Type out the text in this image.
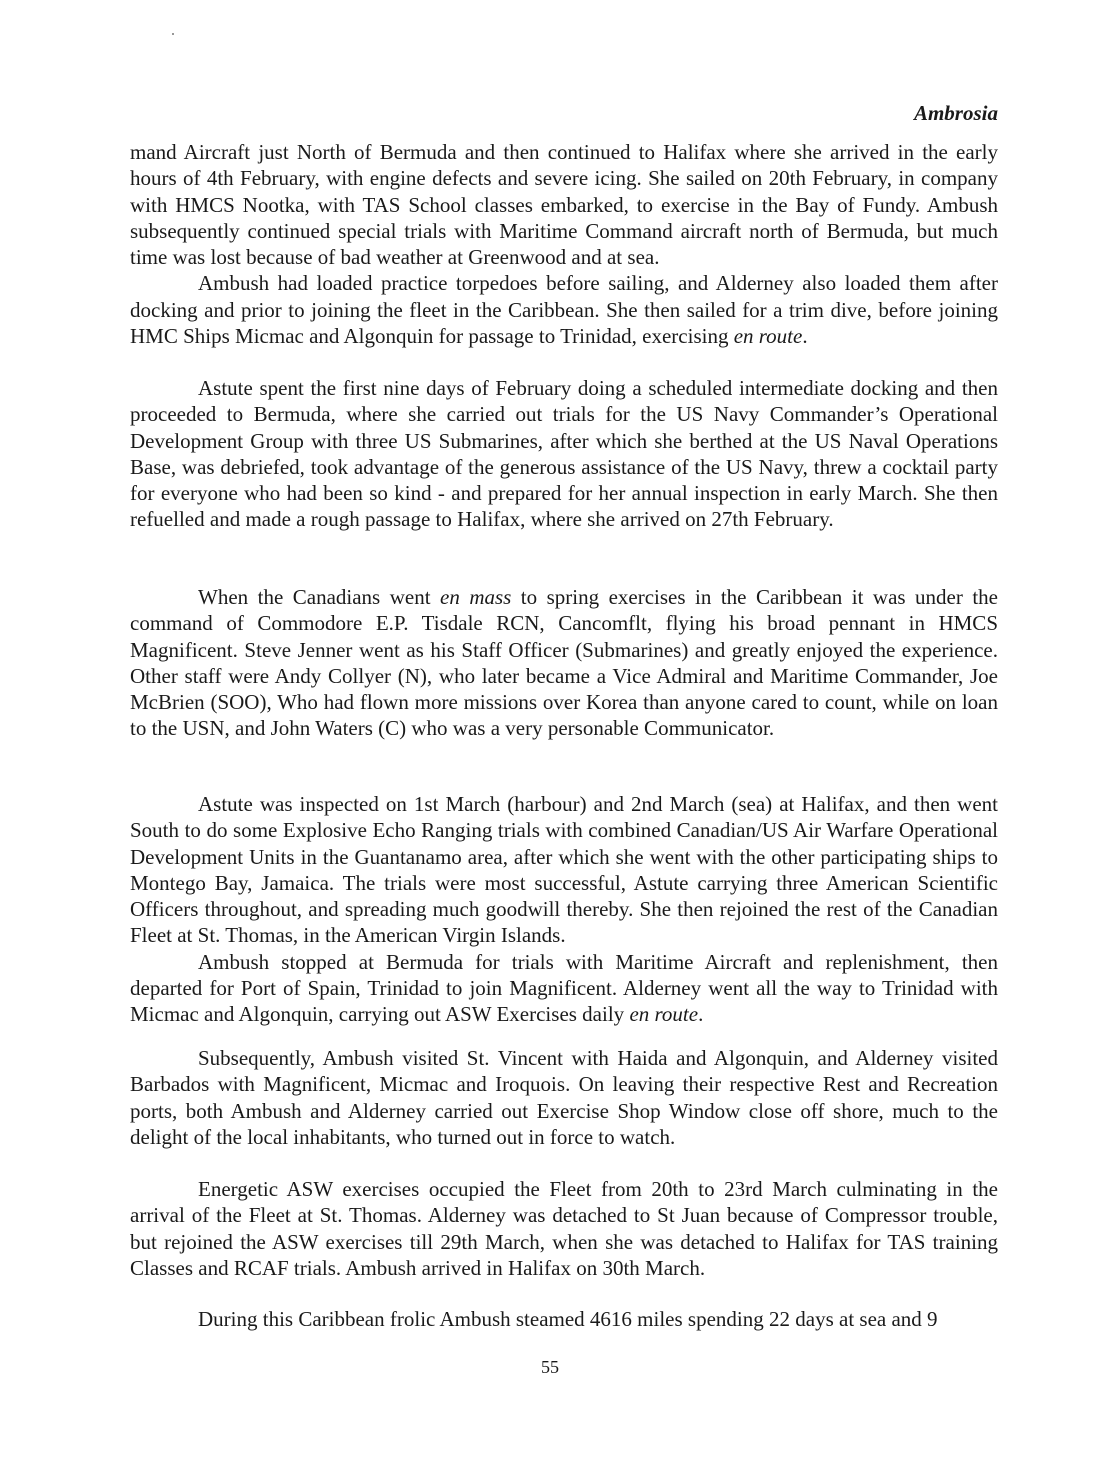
Ambrosia

mand Aircraft just North of Bermuda and then continued to Halifax where she arrived in the early hours of 4th February, with engine defects and severe icing. She sailed on 20th February, in company with HMCS Nootka, with TAS School classes embarked, to exercise in the Bay of Fundy. Ambush subsequently continued special trials with Maritime Command aircraft north of Bermuda, but much time was lost because of bad weather at Greenwood and at sea.

Ambush had loaded practice torpedoes before sailing, and Alderney also loaded them after docking and prior to joining the fleet in the Caribbean. She then sailed for a trim dive, before joining HMC Ships Micmac and Algonquin for passage to Trinidad, exercising en route.

Astute spent the first nine days of February doing a scheduled intermediate docking and then proceeded to Bermuda, where she carried out trials for the US Navy Commander’s Operational Development Group with three US Submarines, after which she berthed at the US Naval Operations Base, was debriefed, took advantage of the generous assistance of the US Navy, threw a cocktail party for everyone who had been so kind - and prepared for her annual inspection in early March. She then refuelled and made a rough passage to Halifax, where she arrived on 27th February.

When the Canadians went en mass to spring exercises in the Caribbean it was under the command of Commodore E.P. Tisdale RCN, Cancomflt, flying his broad pennant in HMCS Magnificent. Steve Jenner went as his Staff Officer (Submarines) and greatly enjoyed the experience. Other staff were Andy Collyer (N), who later became a Vice Admiral and Maritime Commander, Joe McBrien (SOO), Who had flown more missions over Korea than anyone cared to count, while on loan to the USN, and John Waters (C) who was a very personable Communicator.

Astute was inspected on 1st March (harbour) and 2nd March (sea) at Halifax, and then went South to do some Explosive Echo Ranging trials with combined Canadian/US Air Warfare Operational Development Units in the Guantanamo area, after which she went with the other participating ships to Montego Bay, Jamaica. The trials were most successful, Astute carrying three American Scientific Officers throughout, and spreading much goodwill thereby. She then rejoined the rest of the Canadian Fleet at St. Thomas, in the American Virgin Islands.

Ambush stopped at Bermuda for trials with Maritime Aircraft and replenishment, then departed for Port of Spain, Trinidad to join Magnificent. Alderney went all the way to Trinidad with Micmac and Algonquin, carrying out ASW Exercises daily en route.

Subsequently, Ambush visited St. Vincent with Haida and Algonquin, and Alderney visited Barbados with Magnificent, Micmac and Iroquois. On leaving their respective Rest and Recreation ports, both Ambush and Alderney carried out Exercise Shop Window close off shore, much to the delight of the local inhabitants, who turned out in force to watch.

Energetic ASW exercises occupied the Fleet from 20th to 23rd March culminating in the arrival of the Fleet at St. Thomas. Alderney was detached to St Juan because of Compressor trouble, but rejoined the ASW exercises till 29th March, when she was detached to Halifax for TAS training Classes and RCAF trials. Ambush arrived in Halifax on 30th March.

During this Caribbean frolic Ambush steamed 4616 miles spending 22 days at sea and 9

55
